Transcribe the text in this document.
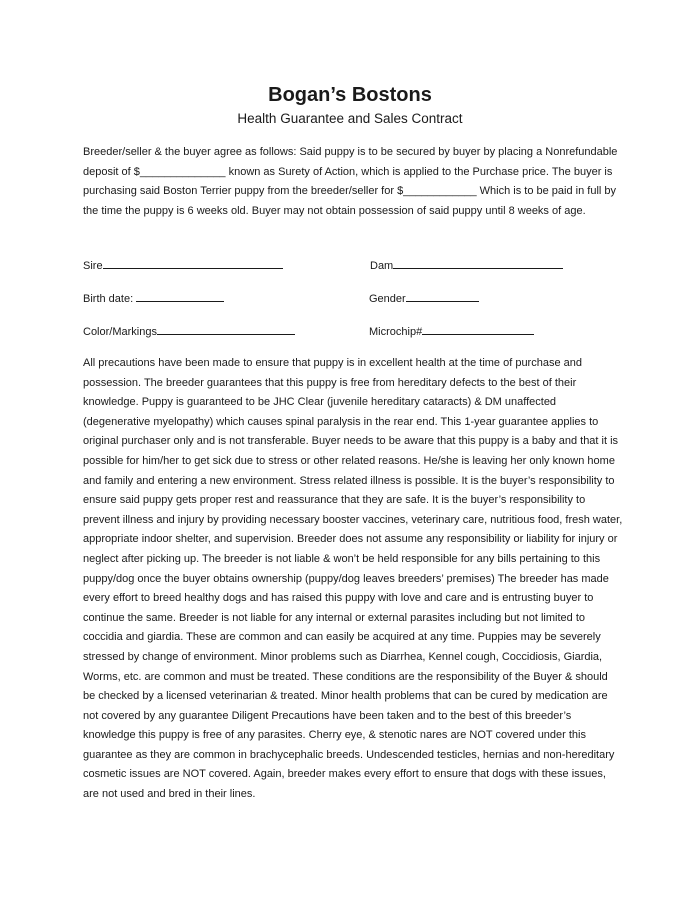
Bogan’s Bostons
Health Guarantee and Sales Contract

Breeder/seller & the buyer agree as follows: Said puppy is to be secured by buyer by placing a Nonrefundable deposit of $______________ known as Surety of Action, which is applied to the Purchase price. The buyer is purchasing said Boston Terrier puppy from the breeder/seller for $____________ Which is to be paid in full by the time the puppy is 6 weeks old. Buyer may not obtain possession of said puppy until 8 weeks of age.

Sire	Dam
Birth date:	Gender
Color/Markings	Microchip#

All precautions have been made to ensure that puppy is in excellent health at the time of purchase and possession. The breeder guarantees that this puppy is free from hereditary defects to the best of their knowledge. Puppy is guaranteed to be JHC Clear (juvenile hereditary cataracts) & DM unaffected (degenerative myelopathy) which causes spinal paralysis in the rear end. This 1-year guarantee applies to original purchaser only and is not transferable. Buyer needs to be aware that this puppy is a baby and that it is possible for him/her to get sick due to stress or other related reasons. He/she is leaving her only known home and family and entering a new environment. Stress related illness is possible. It is the buyer’s responsibility to ensure said puppy gets proper rest and reassurance that they are safe. It is the buyer’s responsibility to prevent illness and injury by providing necessary booster vaccines, veterinary care, nutritious food, fresh water, appropriate indoor shelter, and supervision. Breeder does not assume any responsibility or liability for injury or neglect after picking up. The breeder is not liable & won’t be held responsible for any bills pertaining to this puppy/dog once the buyer obtains ownership (puppy/dog leaves breeders’ premises) The breeder has made every effort to breed healthy dogs and has raised this puppy with love and care and is entrusting buyer to continue the same. Breeder is not liable for any internal or external parasites including but not limited to coccidia and giardia. These are common and can easily be acquired at any time. Puppies may be severely stressed by change of environment. Minor problems such as Diarrhea, Kennel cough, Coccidiosis, Giardia, Worms, etc. are common and must be treated. These conditions are the responsibility of the Buyer & should be checked by a licensed veterinarian & treated. Minor health problems that can be cured by medication are not covered by any guarantee Diligent Precautions have been taken and to the best of this breeder’s knowledge this puppy is free of any parasites. Cherry eye, & stenotic nares are NOT covered under this guarantee as they are common in brachycephalic breeds. Undescended testicles, hernias and non-hereditary cosmetic issues are NOT covered. Again, breeder makes every effort to ensure that dogs with these issues, are not used and bred in their lines.
